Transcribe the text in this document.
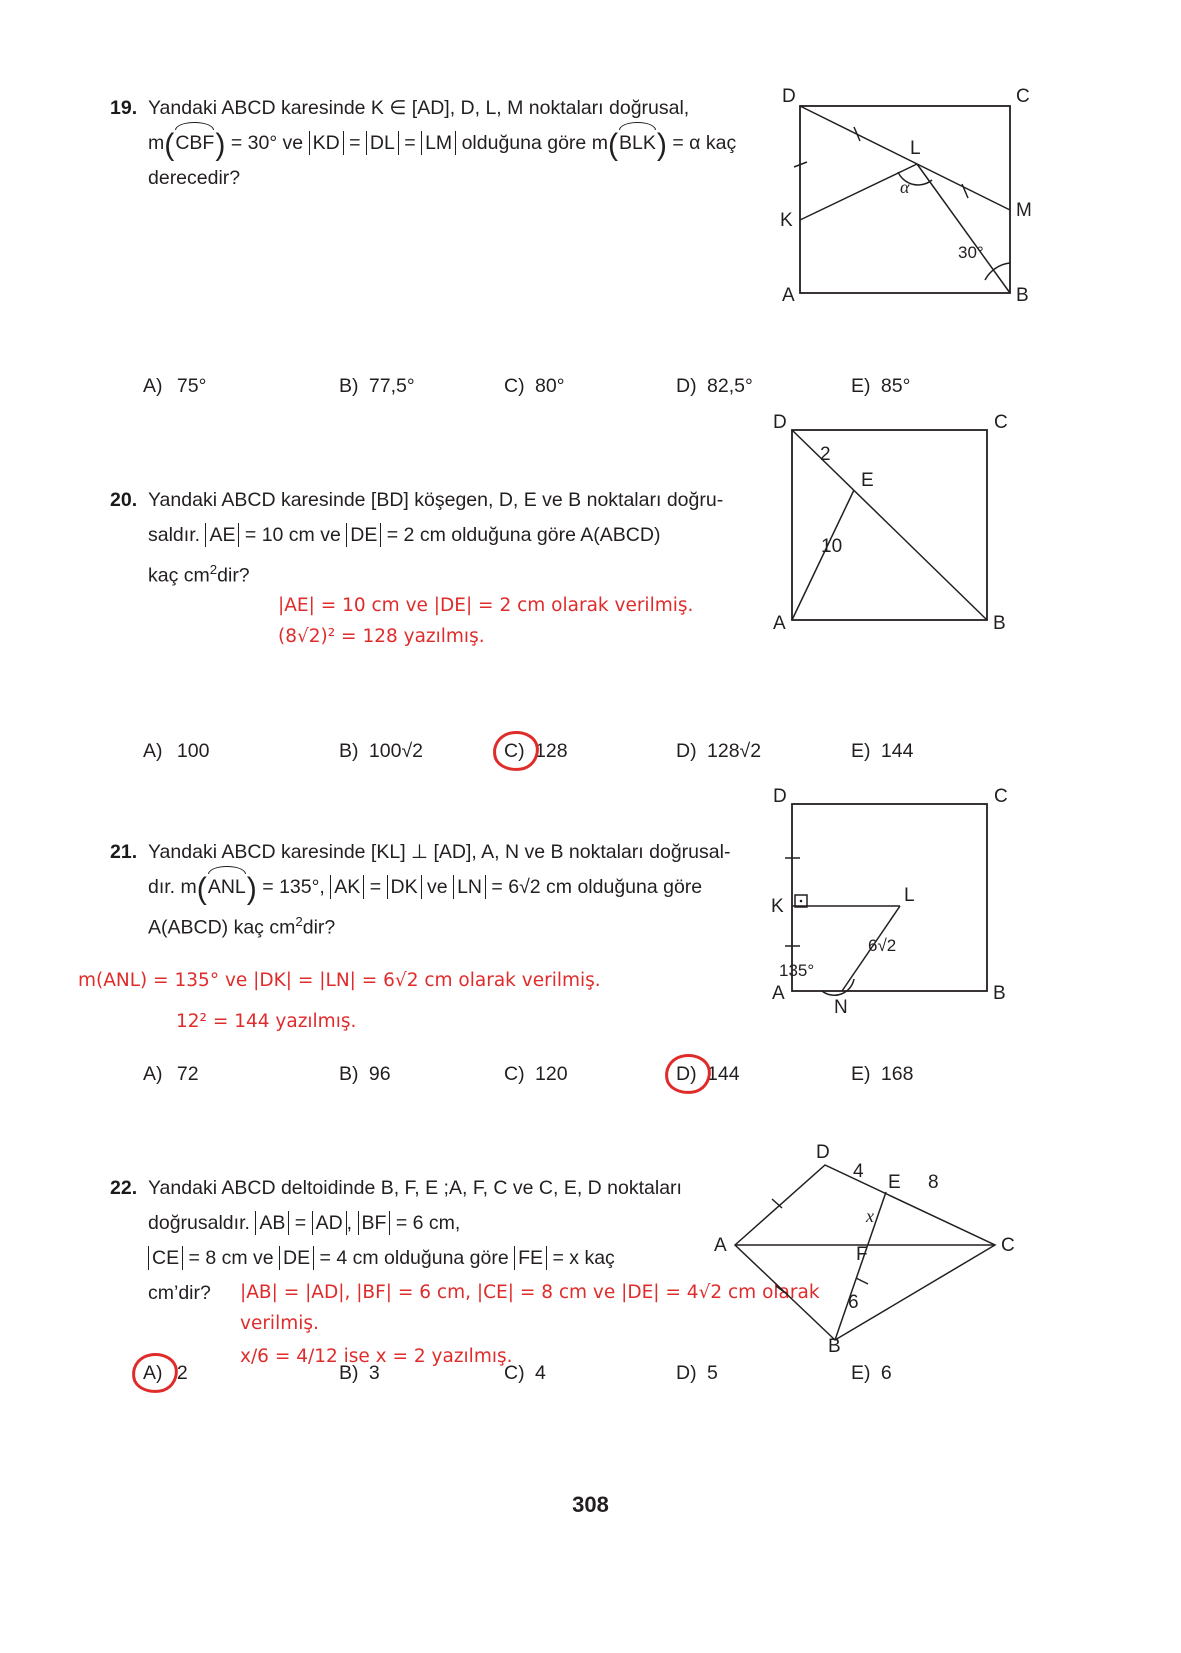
19. Yandaki ABCD karesinde K ∈ [AD], D, L, M noktaları doğrusal,
m(CBF) = 30° ve KD = DL = LM olduğuna göre m(BLK) = α kaç
derecedir?
D	C
A	B
K
L
M
α
30°
A) 75°	B) 77,5°	C) 80°	D) 82,5°	E) 85°
20. Yandaki ABCD karesinde [BD] köşegen, D, E ve B noktaları doğru-
saldır. AE = 10 cm ve DE = 2 cm olduğuna göre A(ABCD)
kaç $cm^2dir$?
|AE| = 10 cm ve |DE| = 2 cm olarak verilmiş.
(8√2)² = 128 yazılmış.
D	C
A	B
E
2
10
A) 100	B) 100√2	C) 128	D) 128√2	E) 144
21. Yandaki ABCD karesinde [KL] ⊥ [AD], A, N ve B noktaları doğrusal-
dır. m(ANL) = 135°, AK = DK ve LN = 6√2 cm olduğuna göre
A(ABCD) kaç $cm^2dir$?
m(ANL) = 135° ve |DK| = |LN| = 6√2 cm olarak verilmiş.
12² = 144 yazılmış.
D	C
A	B
K
L
N
135°
6√2
A) 72	B) 96	C) 120	D) 144	E) 168
22. Yandaki ABCD deltoidinde B, F, E ;A, F, C ve C, E, D noktaları
doğrusaldır. AB = AD , BF = 6 cm,
CE = 8 cm ve DE = 4 cm olduğuna göre FE = x kaç
cm’dir?	|AB| = |AD|, |BF| = 6 cm, |CE| = 8 cm ve |DE| = 4√2 cm olarak
verilmiş.
x/6 = 4/12 ise x = 2 yazılmış.
D
A	C
B
E
F
4
8
x
6
A) 2	B) 3	C) 4	D) 5	E) 6
308
